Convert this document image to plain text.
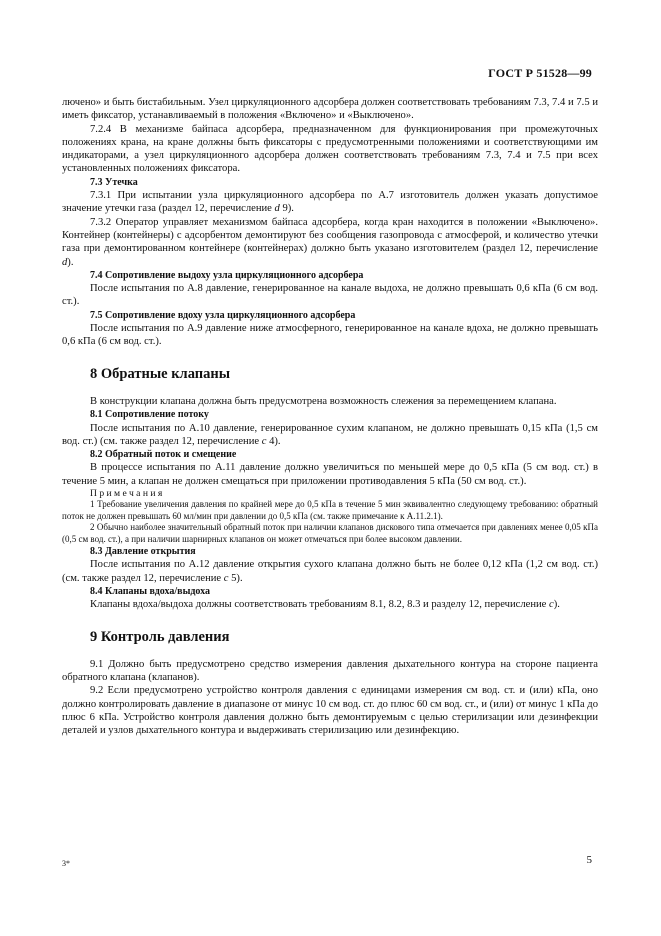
ГОСТ Р 51528—99

лючено» и быть бистабильным. Узел циркуляционного адсорбера должен соответствовать требованиям 7.3, 7.4 и 7.5 и иметь фиксатор, устанавливаемый в положения «Включено» и «Выключено».

7.2.4 В механизме байпаса адсорбера, предназначенном для функционирования при промежуточных положениях крана, на кране должны быть фиксаторы с предусмотренными положениями и соответствующими им индикаторами, а узел циркуляционного адсорбера должен соответствовать требованиям 7.3, 7.4 и 7.5 при всех установленных положениях фиксатора.

7.3 Утечка

7.3.1 При испытании узла циркуляционного адсорбера по А.7 изготовитель должен указать допустимое значение утечки газа (раздел 12, перечисление d 9).

7.3.2 Оператор управляет механизмом байпаса адсорбера, когда кран находится в положении «Выключено». Контейнер (контейнеры) с адсорбентом демонтируют без сообщения газопровода с атмосферой, и количество утечки газа при демонтированном контейнере (контейнерах) должно быть указано изготовителем (раздел 12, перечисление d).

7.4 Сопротивление выдоху узла циркуляционного адсорбера

После испытания по А.8 давление, генерированное на канале выдоха, не должно превышать 0,6 кПа (6 см вод. ст.).

7.5 Сопротивление вдоху узла циркуляционного адсорбера

После испытания по А.9 давление ниже атмосферного, генерированное на канале вдоха, не должно превышать 0,6 кПа (6 см вод. ст.).

8 Обратные клапаны

В конструкции клапана должна быть предусмотрена возможность слежения за перемещением клапана.

8.1 Сопротивление потоку

После испытания по А.10 давление, генерированное сухим клапаном, не должно превышать 0,15 кПа (1,5 см вод. ст.) (см. также раздел 12, перечисление c 4).

8.2 Обратный поток и смещение

В процессе испытания по А.11 давление должно увеличиться по меньшей мере до 0,5 кПа (5 см вод. ст.) в течение 5 мин, а клапан не должен смещаться при приложении противодавления 5 кПа (50 см вод. ст.).

Примечания

1 Требование увеличения давления по крайней мере до 0,5 кПа в течение 5 мин эквивалентно следующему требованию: обратный поток не должен превышать 60 мл/мин при давлении до 0,5 кПа (см. также примечание к А.11.2.1).

2 Обычно наиболее значительный обратный поток при наличии клапанов дискового типа отмечается при давлениях менее 0,05 кПа (0,5 см вод. ст.), а при наличии шарнирных клапанов он может отмечаться при более высоком давлении.

8.3 Давление открытия

После испытания по А.12 давление открытия сухого клапана должно быть не более 0,12 кПа (1,2 см вод. ст.) (см. также раздел 12, перечисление c 5).

8.4 Клапаны вдоха/выдоха

Клапаны вдоха/выдоха должны соответствовать требованиям 8.1, 8.2, 8.3 и разделу 12, перечисление c).

9 Контроль давления

9.1 Должно быть предусмотрено средство измерения давления дыхательного контура на стороне пациента обратного клапана (клапанов).

9.2 Если предусмотрено устройство контроля давления с единицами измерения см вод. ст. и (или) кПа, оно должно контролировать давление в диапазоне от минус 10 см вод. ст. до плюс 60 см вод. ст., и (или) от минус 1 кПа до плюс 6 кПа. Устройство контроля давления должно быть демонтируемым с целью стерилизации или дезинфекции деталей и узлов дыхательного контура и выдерживать стерилизацию или дезинфекцию.

3*	5
